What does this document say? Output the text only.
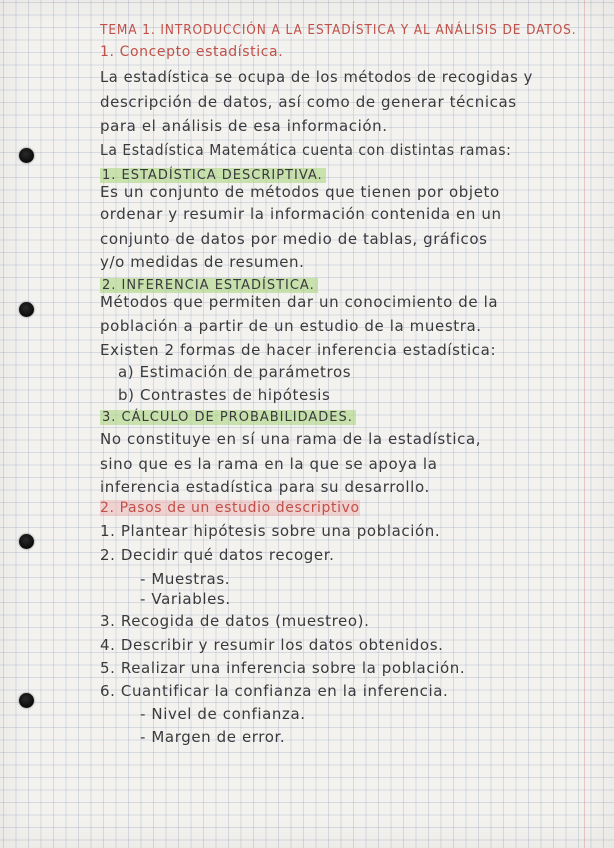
TEMA 1. INTRODUCCIÓN A LA ESTADÍSTICA Y AL ANÁLISIS DE DATOS.
1. Concepto estadística.
La estadística se ocupa de los métodos de recogidas y
descripción de datos, así como de generar técnicas
para el análisis de esa información.
La Estadística Matemática cuenta con distintas ramas:
1. ESTADÍSTICA DESCRIPTIVA.
Es un conjunto de métodos que tienen por objeto
ordenar y resumir la información contenida en un
conjunto de datos por medio de tablas, gráficos
y/o medidas de resumen.
2. INFERENCIA ESTADÍSTICA.
Métodos que permiten dar un conocimiento de la
población a partir de un estudio de la muestra.
Existen 2 formas de hacer inferencia estadística:
a) Estimación de parámetros
b) Contrastes de hipótesis
3. CÁLCULO DE PROBABILIDADES.
No constituye en sí una rama de la estadística,
sino que es la rama en la que se apoya la
inferencia estadística para su desarrollo.
2. Pasos de un estudio descriptivo
1. Plantear hipótesis sobre una población.
2. Decidir qué datos recoger.
- Muestras.
- Variables.
3. Recogida de datos (muestreo).
4. Describir y resumir los datos obtenidos.
5. Realizar una inferencia sobre la población.
6. Cuantificar la confianza en la inferencia.
- Nivel de confianza.
- Margen de error.
